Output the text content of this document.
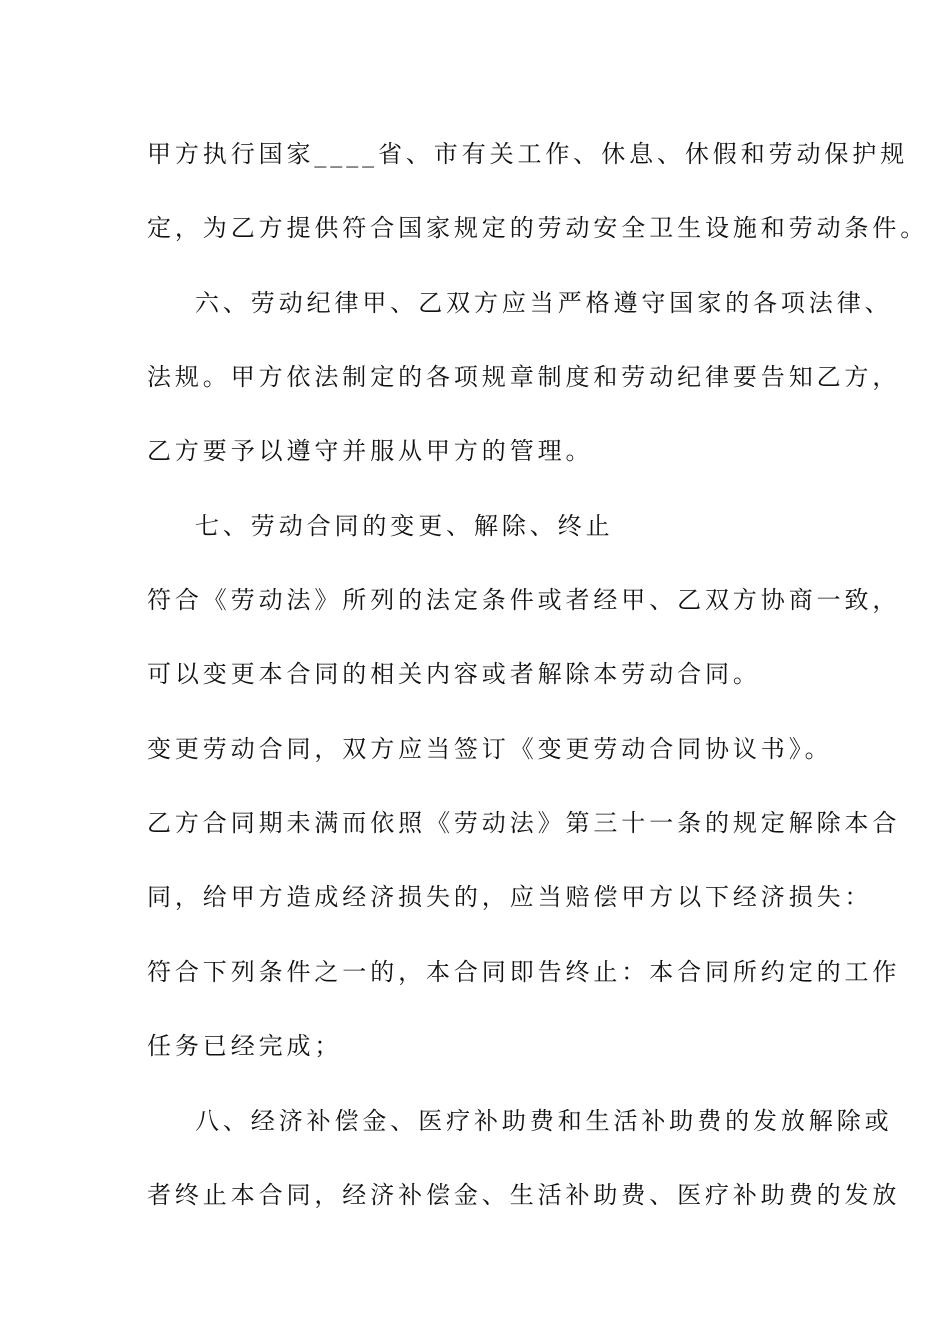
甲方执行国家____省、市有关工作、休息、休假和劳动保护规
定，为乙方提供符合国家规定的劳动安全卫生设施和劳动条件。
六、劳动纪律甲、乙双方应当严格遵守国家的各项法律、
法规。甲方依法制定的各项规章制度和劳动纪律要告知乙方，
乙方要予以遵守并服从甲方的管理。
七、劳动合同的变更、解除、终止
符合《劳动法》所列的法定条件或者经甲、乙双方协商一致，
可以变更本合同的相关内容或者解除本劳动合同。
变更劳动合同，双方应当签订《变更劳动合同协议书》。
乙方合同期未满而依照《劳动法》第三十一条的规定解除本合
同，给甲方造成经济损失的，应当赔偿甲方以下经济损失：
符合下列条件之一的，本合同即告终止：本合同所约定的工作
任务已经完成；
八、经济补偿金、医疗补助费和生活补助费的发放解除或
者终止本合同，经济补偿金、生活补助费、医疗补助费的发放
